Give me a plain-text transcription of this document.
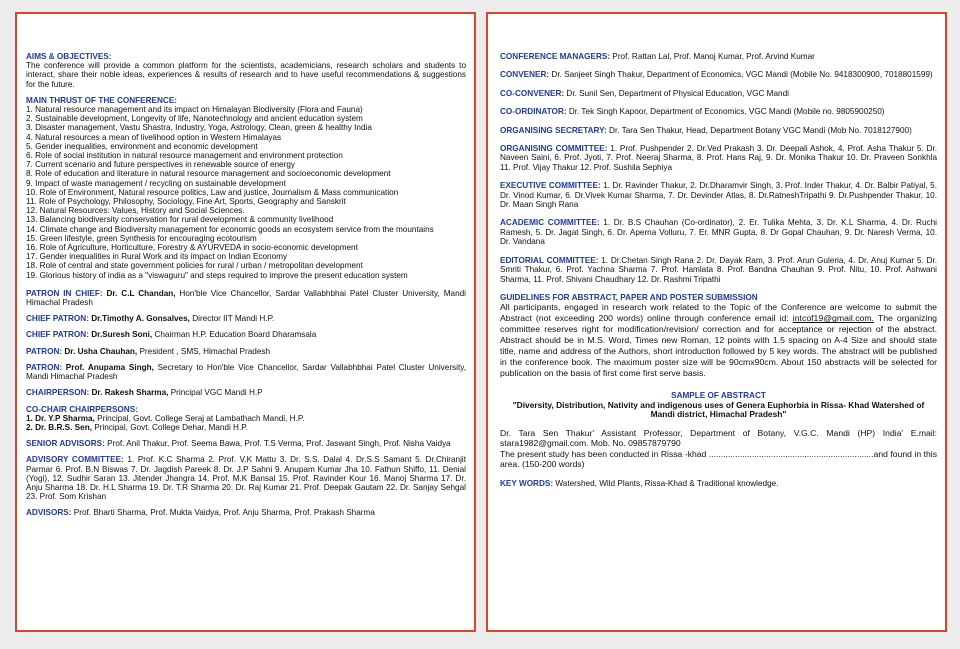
AIMS & OBJECTIVES:
The conference will provide a common platform for the scientists, academicians, research scholars and students to interact, share their noble ideas, experiences & results of research and to have useful recommendations & suggestions for the future.
MAIN THRUST OF THE CONFERENCE:
1. Natural resource management and its impact on Himalayan Biodiversity (Flora and Fauna)
2. Sustainable development, Longevity of life, Nanotechnology and ancient education system
3. Disaster management, Vastu Shastra, Industry, Yoga, Astrology, Clean, green & healthy India
4. Natural resources a mean of livelihood option in Western Himalayas
5. Gender inequalities, environment and economic development
6. Role of social institution in natural resource management and environment protection
7. Current scenario and future perspectives in renewable source of energy
8. Role of education and literature in natural resource management and socioeconomic development
9. Impact of waste management / recycling on sustainable development
10. Role of Environment, Natural resource politics, Law and justice, Journalism & Mass communication
11. Role of Psychology, Philosophy, Sociology, Fine Art, Sports, Geography and Sanskrit
12. Natural Resources: Values, History and Social Sciences.
13. Balancing biodiversity conservation for rural development & community livelihood
14. Climate change and Biodiversity management for economic goods an ecosystem service from the mountains
15. Green lifestyle, green Synthesis for encouraging ecotourism
16. Role of Agriculture, Horticulture, Forestry & AYURVEDA in socio-economic development
17. Gender inequalities in Rural Work and its impact on Indian Economy
18. Role of central and state government policies for rural / urban / metropolitan development
19. Glorious history of india as a "viswaguru" and steps required to improve the present education system
PATRON IN CHIEF: Dr. C.L Chandan, Hon'ble Vice Chancellor, Sardar Vallabhbhai Patel Cluster University, Mandi Himachal Pradesh
CHIEF PATRON: Dr.Timothy A. Gonsalves, Director IIT Mandi H.P.
CHIEF PATRON: Dr.Suresh Soni, Chairman H.P. Education Board Dharamsala
PATRON: Dr. Usha Chauhan, President , SMS, Himachal Pradesh
PATRON: Prof. Anupama Singh, Secretary to Hon'ble Vice Chancellor, Sardar Vallabhbhai Patel Cluster University, Mandi Himachal Pradesh
CHAIRPERSON: Dr. Rakesh Sharma, Principal VGC Mandi H.P
CO-CHAIR CHAIRPERSONS:
1. Dr. Y.P Sharma, Principal, Govt. College Seraj at Lambathach Mandi, H.P.
2. Dr. B.R.S. Sen, Principal, Govt. College Dehar, Mandi H.P.
SENIOR ADVISORS: Prof. Anil Thakur, Prof. Seema Bawa, Prof. T.S Verma, Prof. Jaswant Singh, Prof. Nisha Vaidya
ADVISORY COMMITTEE: 1. Prof. K.C Sharma 2. Prof. V.K Mattu 3. Dr. S.S. Dalal 4. Dr.S.S Samant 5. Dr.Chiranjit Parmar 6. Prof. B.N Biswas 7. Dr. Jagdish Pareek 8. Dr. J.P Sahni 9. Anupam Kumar Jha 10. Fathun Shiffo, 11. Denial (Yogi), 12. Sudhir Saran 13. Jitender Jhangra 14. Prof. M.K Bansal 15. Prof. Ravinder Kour 16. Manoj Sharma 17. Dr. Anju Sharma 18. Dr. H.L Sharma 19. Dr. T.R Sharma 20. Dr. Raj Kumar 21. Prof. Deepak Gautam 22. Dr. Sanjay Sehgal 23. Prof. Som Krishan
ADVISORS: Prof. Bharti Sharma, Prof. Mukta Vaidya, Prof. Anju Sharma, Prof. Prakash Sharma
CONFERENCE MANAGERS: Prof. Rattan Lal, Prof. Manoj Kumar, Prof. Arvind Kumar
CONVENER: Dr. Sanjeet Singh Thakur, Department of Economics, VGC Mandi (Mobile No. 9418300900, 7018801599)
CO-CONVENER: Dr. Sunil Sen, Department of Physical Education, VGC Mandi
CO-ORDINATOR: Dr. Tek Singh Kapoor, Department of Economics, VGC Mandi (Mobile no. 9805900250)
ORGANISING SECRETARY: Dr. Tara Sen Thakur, Head, Department Botany VGC Mandi (Mob No. 7018127900)
ORGANISING COMMITTEE: 1. Prof. Pushpender 2. Dr.Ved Prakash 3. Dr. Deepali Ashok, 4. Prof. Asha Thakur 5. Dr. Naveen Saini, 6. Prof. Jyoti, 7. Prof. Neeraj Sharma, 8. Prof. Hans Raj, 9. Dr. Monika Thakur 10. Dr. Praveen Sonkhla 11. Prof. Vijay Thakur 12. Prof. Sushila Sephiya
EXECUTIVE COMMITTEE: 1. Dr. Ravinder Thakur, 2. Dr.Dharamvir Singh, 3. Prof. Inder Thakur, 4. Dr. Balbir Patiyal, 5. Dr. Vinod Kumar, 6. Dr.Vivek Kumar Sharma, 7. Dr. Devinder Atlas, 8. Dr.RatneshTripathi 9. Dr.Pushpender Thakur, 10. Dr. Maan Singh Rana
ACADEMIC COMMITTEE: 1. Dr. B.S Chauhan (Co-ordinator), 2. Er. Tulika Mehta, 3. Dr. K.L Sharma, 4. Dr. Ruchi Ramesh, 5. Dr. Jagat Singh, 6. Dr. Aperna Volluru, 7. Er. MNR Gupta, 8. Dr Gopal Chauhan, 9. Dr. Naresh Verma, 10. Dr. Vandana
EDITORIAL COMMITTEE: 1. Dr.Chetan Singh Rana 2. Dr. Dayak Ram, 3. Prof. Arun Guleria, 4. Dr. Anuj Kumar 5. Dr. Smriti Thakur, 6. Prof. Yachna Sharma 7. Prof. Hamlata 8. Prof. Bandna Chauhan 9. Prof. Nitu, 10. Prof. Ashwani Sharma, 11. Prof. Shivani Chaudhary 12. Dr. Rashmi Tripathi
GUIDELINES FOR ABSTRACT, PAPER AND POSTER SUBMISSION
All participants, engaged in research work related to the Topic of the Conference are welcome to submit the Abstract (not exceeding 200 words) online through conference email id: intcof19@gmail.com. The organizing committee reserves right for modification/revision/ correction and for acceptance or rejection of the abstract. Abstract should be in M.S. Word, Times new Roman, 12 points with 1.5 spacing on A-4 Size and should state title, name and address of the Authors, short introduction followed by 5 key words. The abstract will be published in the conference book. The maximum poster size will be 90cmx90cm. About 150 abstracts will be selected for publication on the basis of first come first serve basis.
SAMPLE OF ABSTRACT
"Diversity, Distribution, Nativity and indigenous uses of Genera Euphorbia in Rissa- Khad Watershed of Mandi district, Himachal Pradesh"
Dr. Tara Sen Thakur' Assistant Professor, Department of Botany, V.G.C. Mandi (HP) India' E.mail: stara1982@gmail.com. Mob. No. 09857879790
The present study has been conducted in Rissa -khad .....................................................................and found in this area. (150-200 words)
KEY WORDS: Watershed, Wild Plants, Rissa-Khad & Traditional knowledge.
